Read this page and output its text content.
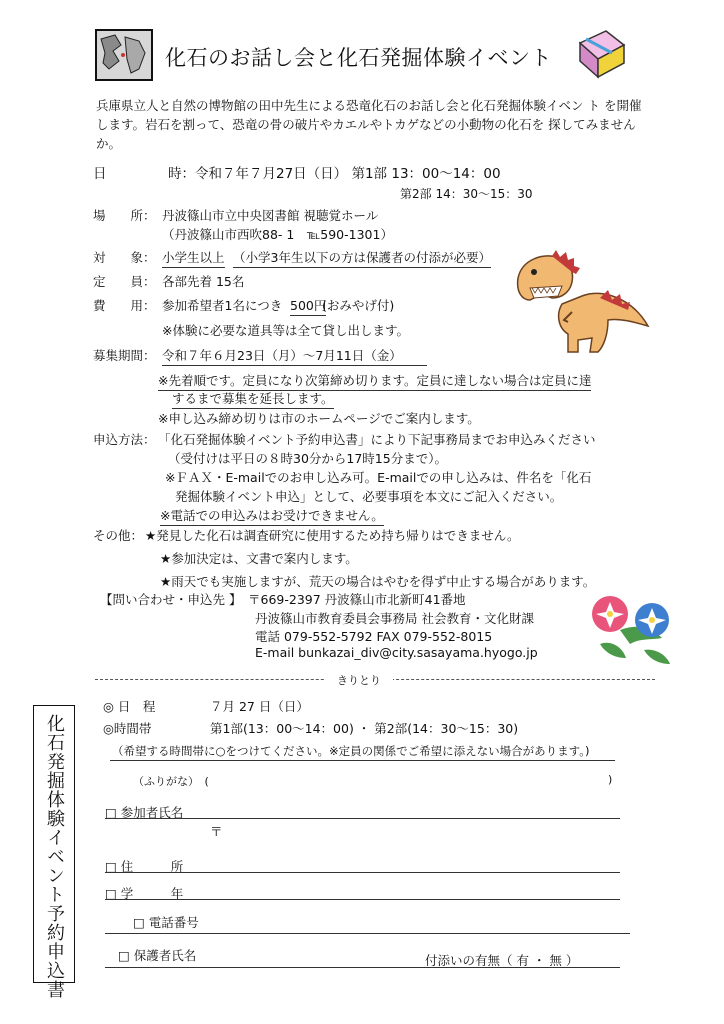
化石のお話し会と化石発掘体験イベント
兵庫県立人と自然の博物館の田中先生による恐竜化石のお話し会と化石発掘体験イベン ト を開催します。岩石を割って、恐竜の骨の破片やカエルやトカゲなどの小動物の化石を 探してみませんか。
日	時：令和７年７月27日（日） 第1部 13：00〜14：00
第2部 14：30〜15：30
場　　所： 丹波篠山市立中央図書館 視聴覚ホール
（丹波篠山市西吹88- 1　℡590-1301）
対　　象： 小学生以上 （小学3年生以下の方は保護者の付添が必要）
定　　員： 各部先着 15名
費　　用： 参加希望者1名につき 500円
(おみやげ付)
※体験に必要な道具等は全て貸し出します。
募集期間： 令和７年６月23日（月）〜7月11日（金）
※先着順です。定員になり次第締め切ります。定員に達しない場合は定員に達
するまで募集を延長します。
※申し込み締め切りは市のホームページでご案内します。
申込方法： 「化石発掘体験イベント予約申込書」により下記事務局までお申込みください
（受付けは平日の８時30分から17時15分まで）。
※ＦＡＸ・E-mailでのお申し込み可。E-mailでの申し込みは、件名を「化石
発掘体験イベント申込」として、必要事項を本文にご記入ください。
※電話での申込みはお受けできません。
その他： ★発見した化石は調査研究に使用するため持ち帰りはできません。
★参加決定は、文書で案内します。
★雨天でも実施しますが、荒天の場合はやむを得ず中止する場合があります。
【問い合わせ・申込先 】 〒669-2397 丹波篠山市北新町41番地
丹波篠山市教育委員会事務局 社会教育・文化財課
電話 079-552-5792 FAX 079-552-8015
E-mail bunkazai_div@city.sasayama.hyogo.jp
きりとり
化石発掘体験イベント予約申込書
◎ 日　程	７月 27 日（日）
◎時間帯	第1部(13：00〜14：00) ・ 第2部(14：30〜15：30)
（希望する時間帯に○をつけてください。※定員の関係でご希望に添えない場合があります。)
（ふりがな）　(	)
□ 参加者氏名
〒
□ 住　　　所
□ 学　　　年
□ 電話番号
□ 保護者氏名	付添いの有無（ 有 ・ 無 ）
